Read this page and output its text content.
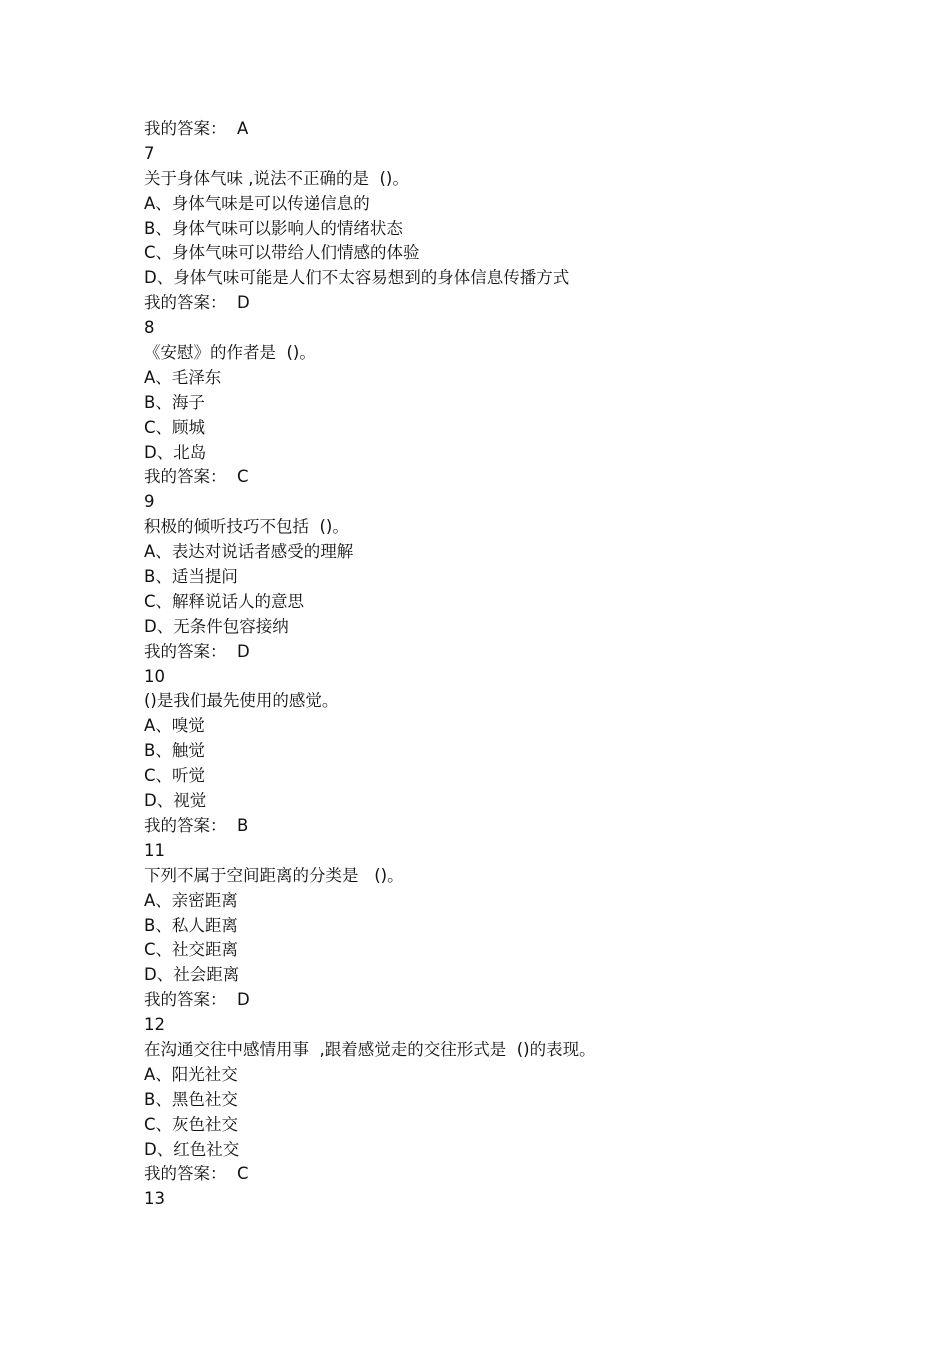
我的答案：  A
7
关于身体气味 ,说法不正确的是  ()。
A、身体气味是可以传递信息的
B、身体气味可以影响人的情绪状态
C、身体气味可以带给人们情感的体验
D、身体气味可能是人们不太容易想到的身体信息传播方式
我的答案：  D
8
《安慰》的作者是  ()。
A、毛泽东
B、海子
C、顾城
D、北岛
我的答案：  C
9
积极的倾听技巧不包括  ()。
A、表达对说话者感受的理解
B、适当提问
C、解释说话人的意思
D、无条件包容接纳
我的答案：  D
10
()是我们最先使用的感觉。
A、嗅觉
B、触觉
C、听觉
D、视觉
我的答案：  B
11
下列不属于空间距离的分类是   ()。
A、亲密距离
B、私人距离
C、社交距离
D、社会距离
我的答案：  D
12
在沟通交往中感情用事  ,跟着感觉走的交往形式是  ()的表现。
A、阳光社交
B、黑色社交
C、灰色社交
D、红色社交
我的答案：  C
13
